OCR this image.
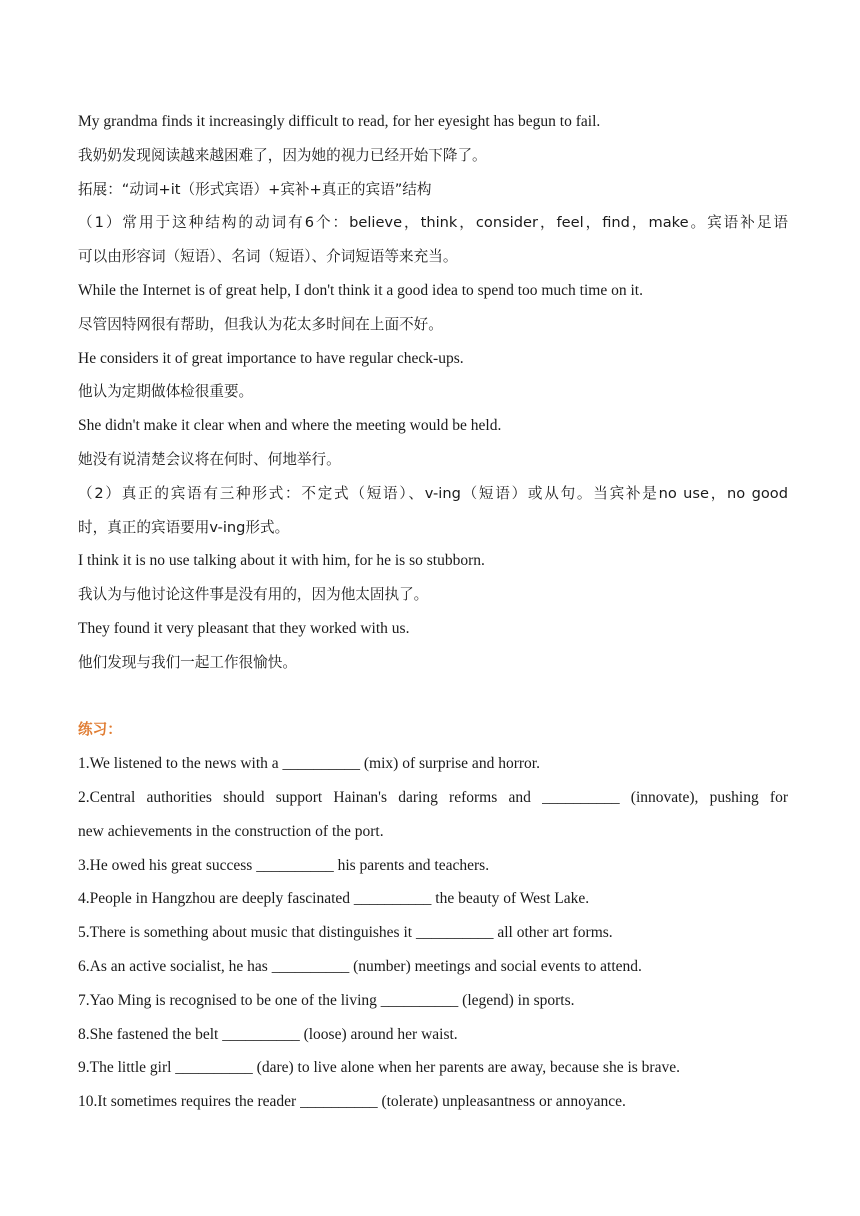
My grandma finds it increasingly difficult to read, for her eyesight has begun to fail.
我奶奶发现阅读越来越困难了，因为她的视力已经开始下降了。
拓展：“动词+it（形式宾语）+宾补+真正的宾语”结构
（1）常用于这种结构的动词有6个：believe，think，consider，feel，find，make。宾语补足语
可以由形容词（短语）、名词（短语）、介词短语等来充当。
While the Internet is of great help, I don't think it a good idea to spend too much time on it.
尽管因特网很有帮助，但我认为花太多时间在上面不好。
He considers it of great importance to have regular check-ups.
他认为定期做体检很重要。
She didn't make it clear when and where the meeting would be held.
她没有说清楚会议将在何时、何地举行。
（2）真正的宾语有三种形式：不定式（短语）、v-ing（短语）或从句。当宾补是no use，no good
时，真正的宾语要用v-ing形式。
I think it is no use talking about it with him, for he is so stubborn.
我认为与他讨论这件事是没有用的，因为他太固执了。
They found it very pleasant that they worked with us.
他们发现与我们一起工作很愉快。
练习：
1.We listened to the news with a __________ (mix) of surprise and horror.
2.Central authorities should support Hainan's daring reforms and __________ (innovate), pushing for
new achievements in the construction of the port.
3.He owed his great success __________ his parents and teachers.
4.People in Hangzhou are deeply fascinated __________ the beauty of West Lake.
5.There is something about music that distinguishes it __________ all other art forms.
6.As an active socialist, he has __________ (number) meetings and social events to attend.
7.Yao Ming is recognised to be one of the living __________ (legend) in sports.
8.She fastened the belt __________ (loose) around her waist.
9.The little girl __________ (dare) to live alone when her parents are away, because she is brave.
10.It sometimes requires the reader __________ (tolerate) unpleasantness or annoyance.
